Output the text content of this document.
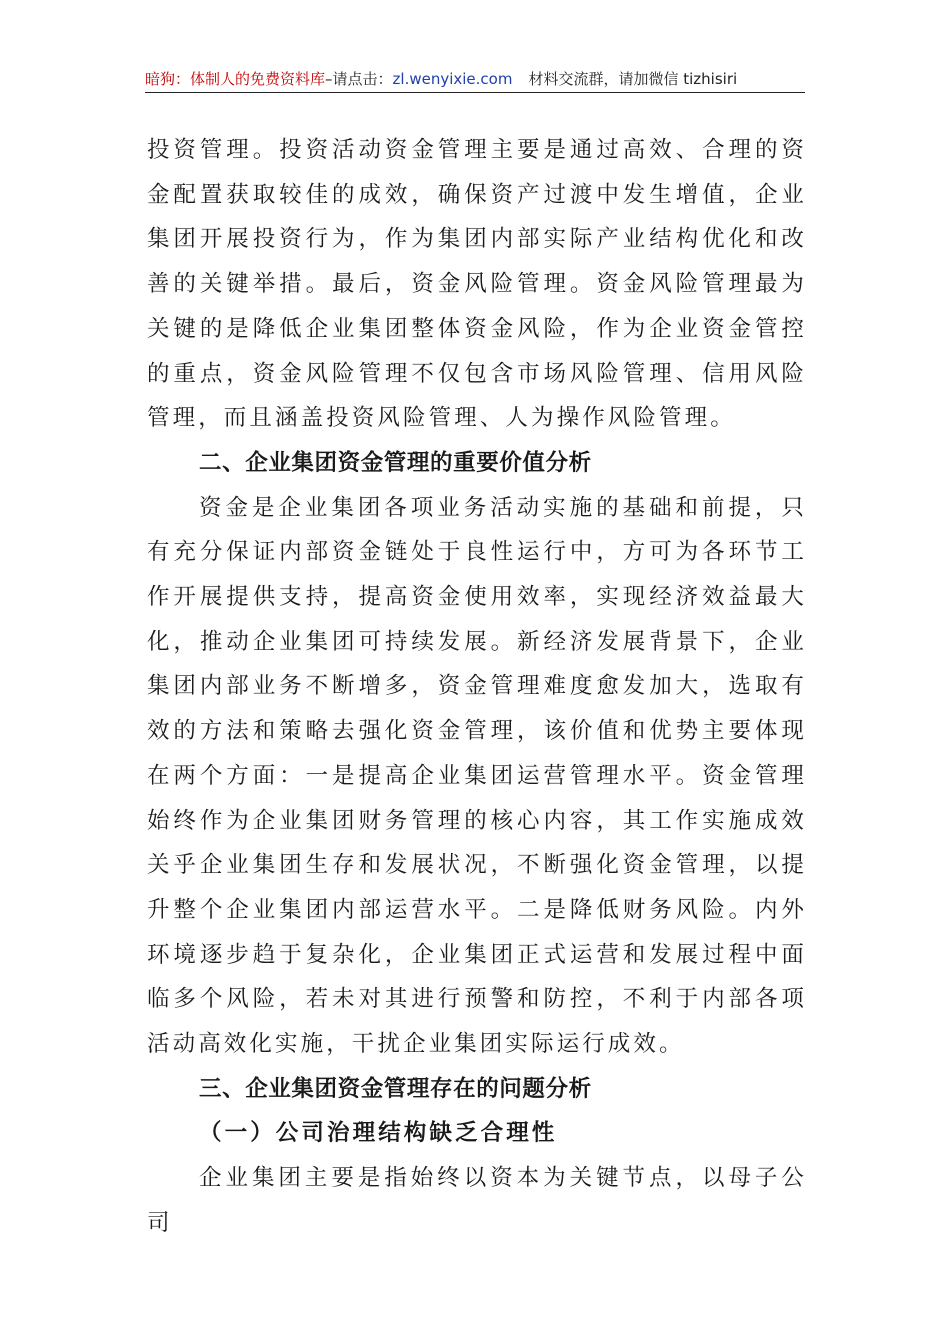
暗狗：体制人的免费资料库–请点击：zl.wenyixie.com 材料交流群，请加微信 tizhisiri

投资管理。投资活动资金管理主要是通过高效、合理的资金配置获取较佳的成效，确保资产过渡中发生增值，企业集团开展投资行为，作为集团内部实际产业结构优化和改善的关键举措。最后，资金风险管理。资金风险管理最为关键的是降低企业集团整体资金风险，作为企业资金管控的重点，资金风险管理不仅包含市场风险管理、信用风险管理，而且涵盖投资风险管理、人为操作风险管理。

二、企业集团资金管理的重要价值分析

资金是企业集团各项业务活动实施的基础和前提，只有充分保证内部资金链处于良性运行中，方可为各环节工作开展提供支持，提高资金使用效率，实现经济效益最大化，推动企业集团可持续发展。新经济发展背景下，企业集团内部业务不断增多，资金管理难度愈发加大，选取有效的方法和策略去强化资金管理，该价值和优势主要体现在两个方面：一是提高企业集团运营管理水平。资金管理始终作为企业集团财务管理的核心内容，其工作实施成效关乎企业集团生存和发展状况，不断强化资金管理，以提升整个企业集团内部运营水平。二是降低财务风险。内外环境逐步趋于复杂化，企业集团正式运营和发展过程中面临多个风险，若未对其进行预警和防控，不利于内部各项活动高效化实施，干扰企业集团实际运行成效。

三、企业集团资金管理存在的问题分析
（一）公司治理结构缺乏合理性

企业集团主要是指始终以资本为关键节点，以母子公司
